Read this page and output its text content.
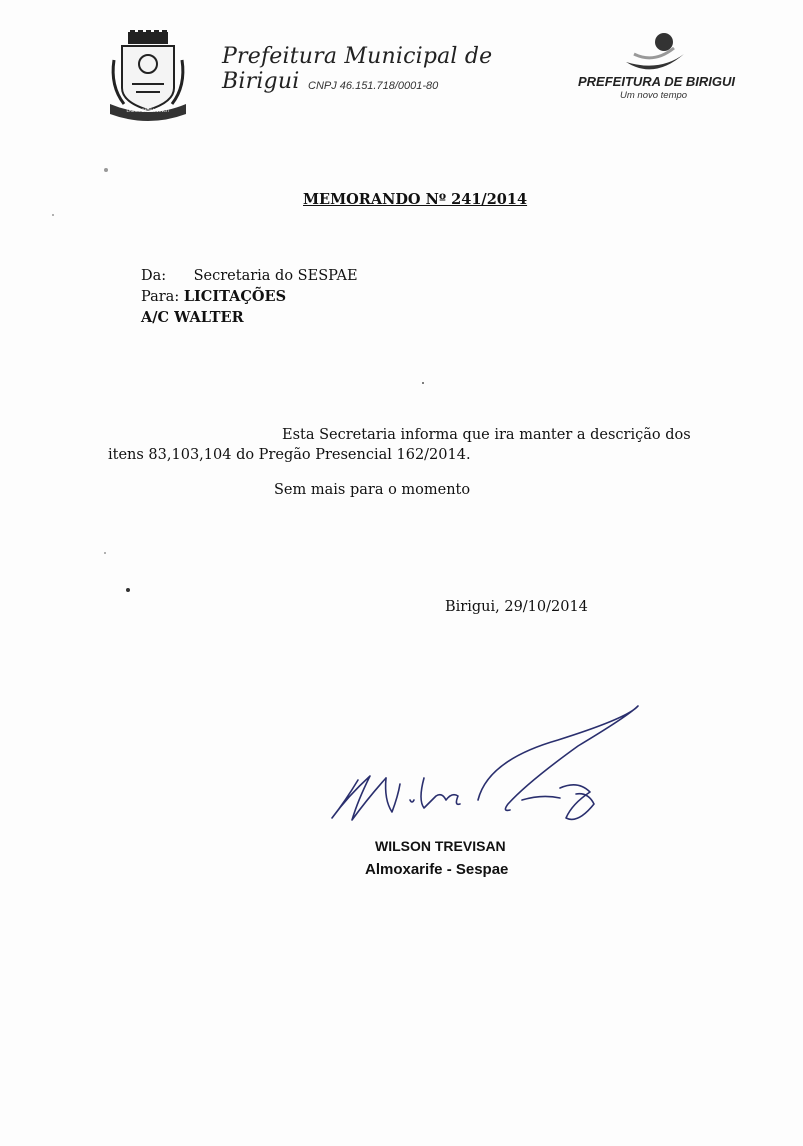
LABOR OMNIA VINCIT
Prefeitura Municipal de Birigui CNPJ 46.151.718/0001-80	PREFEITURA DE BIRIGUI
Um novo tempo
MEMORANDO Nº 241/2014
Da: Secretaria do SESPAE
Para: LICITAÇÕES
A/C WALTER
Esta Secretaria informa que ira manter a descrição dos
itens 83,103,104 do Pregão Presencial 162/2014.
Sem mais para o momento
Birigui, 29/10/2014
WILSON TREVISAN
Almoxarife - Sespae
